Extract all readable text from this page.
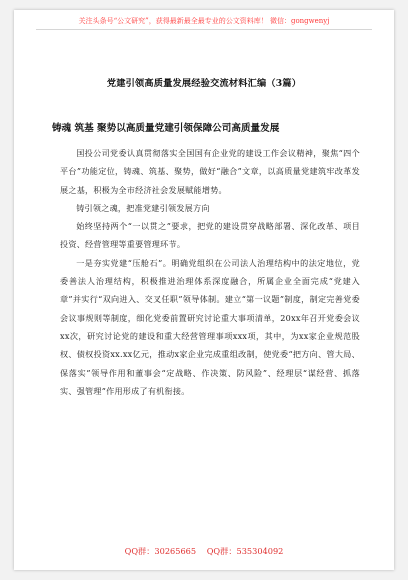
关注头条号“公文研究”，获得最新最全最专业的公文资料库！ 微信：gongwenyj
党建引领高质量发展经验交流材料汇编（3篇）
铸魂 筑基 聚势以高质量党建引领保障公司高质量发展

国投公司党委认真贯彻落实全国国有企业党的建设工作会议精神，聚焦“四个平台”功能定位，铸魂、筑基、聚势，做好“融合”文章，以高质量党建筑牢改革发展之基，积极为全市经济社会发展赋能增势。

铸引领之魂，把准党建引领发展方向

始终坚持两个“一以贯之”要求，把党的建设贯穿战略部署、深化改革、项目投资、经营管理等重要管理环节。

一是夯实党建“压舱石”。明确党组织在公司法人治理结构中的法定地位，党委善法人治理结构，积极推进治理体系深度融合，所属企业全面完成“党建入章”并实行“双向进入、交叉任职”领导体制。建立“第一议题”制度，制定完善党委会议事规则等制度，细化党委前置研究讨论重大事项清单，20xx年召开党委会议xx次，研究讨论党的建设和重大经营管理事项xxx项，其中，为xx家企业规范股权、债权投资xx.xx亿元，推动x家企业完成重组改制，使党委“把方向、管大局、保落实”领导作用和董事会“定战略、作决策、防风险”、经理层“谋经营、抓落实、强管理”作用形成了有机衔接。

QQ群：30265665 QQ群：535304092
